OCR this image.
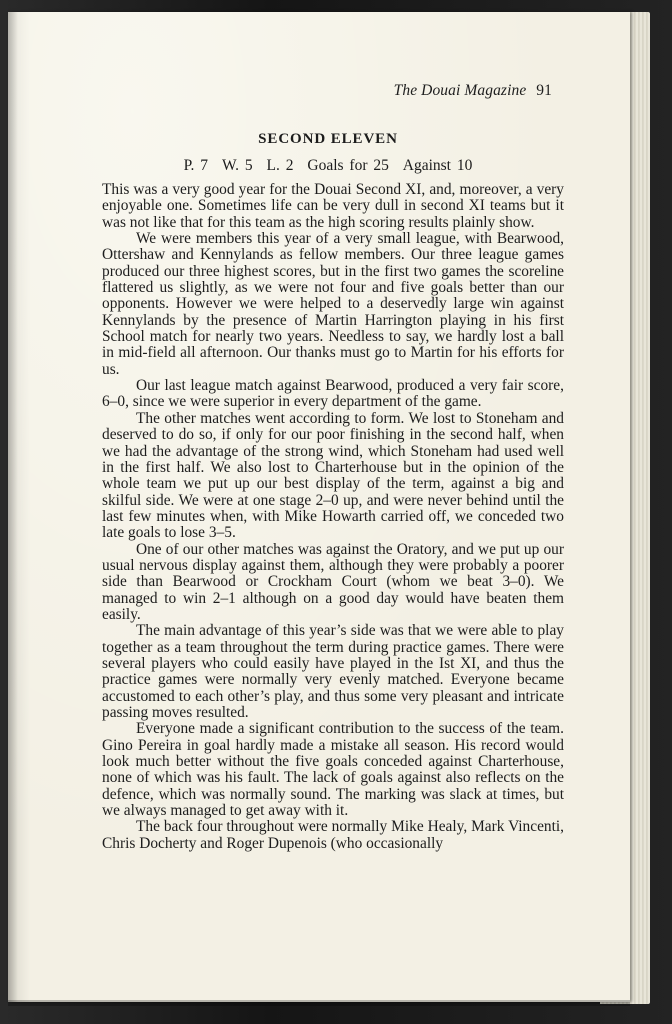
The Douai Magazine 91
SECOND ELEVEN
P. 7 W. 5 L. 2 Goals for 25 Against 10

This was a very good year for the Douai Second XI, and, moreover, a very enjoyable one. Sometimes life can be very dull in second XI teams but it was not like that for this team as the high scoring results plainly show.

We were members this year of a very small league, with Bearwood, Ottershaw and Kennylands as fellow members. Our three league games produced our three highest scores, but in the first two games the scoreline flattered us slightly, as we were not four and five goals better than our opponents. However we were helped to a deservedly large win against Kennylands by the presence of Martin Harrington playing in his first School match for nearly two years. Needless to say, we hardly lost a ball in mid-field all afternoon. Our thanks must go to Martin for his efforts for us.

Our last league match against Bearwood, produced a very fair score, 6–0, since we were superior in every department of the game.

The other matches went according to form. We lost to Stoneham and deserved to do so, if only for our poor finishing in the second half, when we had the advantage of the strong wind, which Stoneham had used well in the first half. We also lost to Charterhouse but in the opinion of the whole team we put up our best display of the term, against a big and skilful side. We were at one stage 2–0 up, and were never behind until the last few minutes when, with Mike Howarth carried off, we conceded two late goals to lose 3–5.

One of our other matches was against the Oratory, and we put up our usual nervous display against them, although they were probably a poorer side than Bearwood or Crockham Court (whom we beat 3–0). We managed to win 2–1 although on a good day would have beaten them easily.

The main advantage of this year’s side was that we were able to play together as a team throughout the term during practice games. There were several players who could easily have played in the Ist XI, and thus the practice games were normally very evenly matched. Everyone became accustomed to each other’s play, and thus some very pleasant and intricate passing moves resulted.

Everyone made a significant contribution to the success of the team. Gino Pereira in goal hardly made a mistake all season. His record would look much better without the five goals conceded against Charterhouse, none of which was his fault. The lack of goals against also reflects on the defence, which was normally sound. The marking was slack at times, but we always managed to get away with it.

The back four throughout were normally Mike Healy, Mark Vincenti, Chris Docherty and Roger Dupenois (who occasionally
